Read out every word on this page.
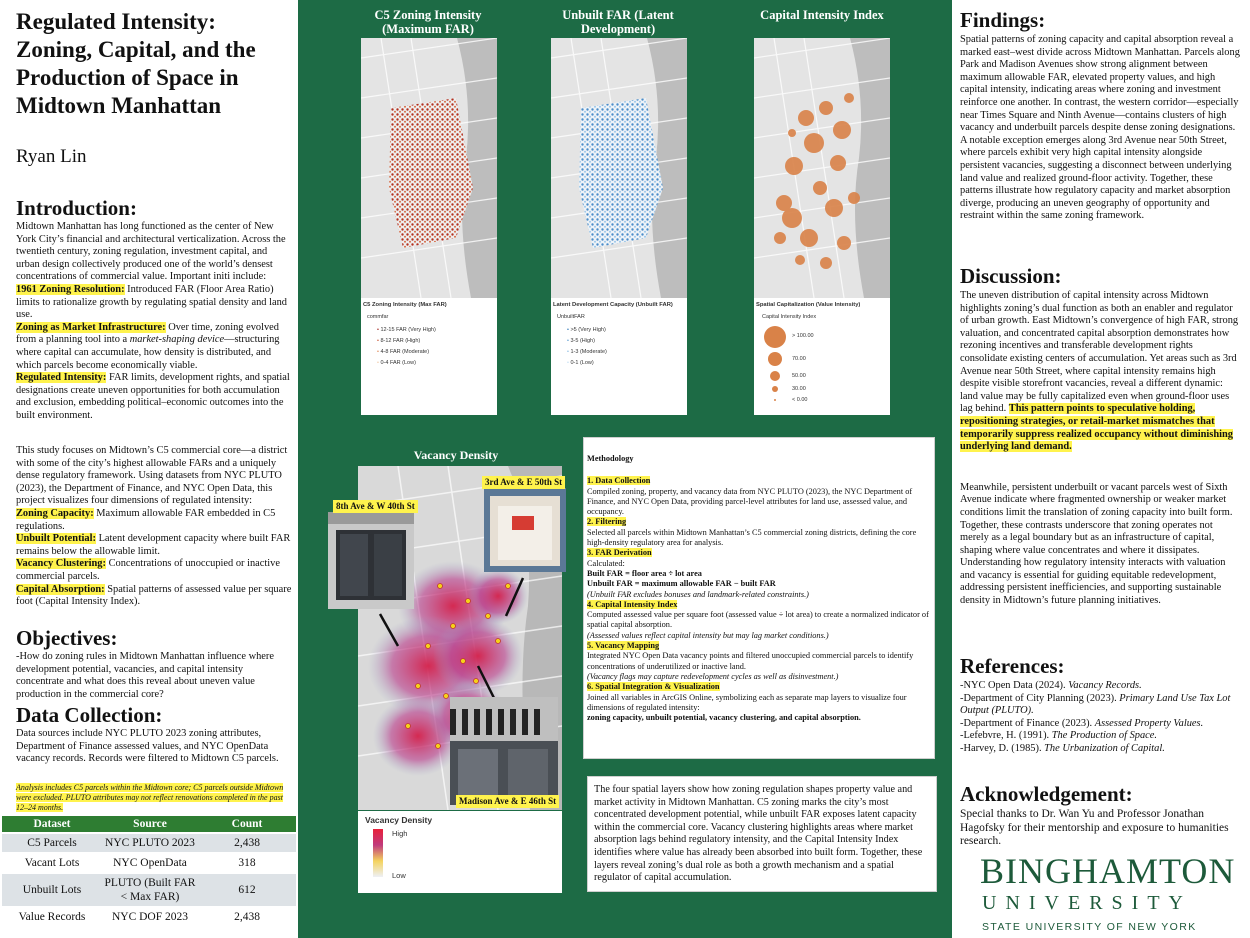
Regulated Intensity: Zoning, Capital, and the Production of Space in Midtown Manhattan
Ryan Lin
Introduction:
Midtown Manhattan has long functioned as the center of New York City’s financial and architectural verticalization. Across the twentieth century, zoning regulation, investment capital, and urban design collectively produced one of the world’s densest concentrations of commercial value. Important initi include:
1961 Zoning Resolution: Introduced FAR (Floor Area Ratio) limits to rationalize growth by regulating spatial density and land use.
Zoning as Market Infrastructure: Over time, zoning evolved from a planning tool into a market-shaping device—structuring where capital can accumulate, how density is distributed, and which parcels become economically viable.
Regulated Intensity: FAR limits, development rights, and spatial designations create uneven opportunities for both accumulation and exclusion, embedding political–economic outcomes into the built environment.
This study focuses on Midtown’s C5 commercial core—a district with some of the city’s highest allowable FARs and a uniquely dense regulatory framework. Using datasets from NYC PLUTO (2023), the Department of Finance, and NYC Open Data, this project visualizes four dimensions of regulated intensity:
Zoning Capacity: Maximum allowable FAR embedded in C5 regulations.
Unbuilt Potential: Latent development capacity where built FAR remains below the allowable limit.
Vacancy Clustering: Concentrations of unoccupied or inactive commercial parcels.
Capital Absorption: Spatial patterns of assessed value per square foot (Capital Intensity Index).
Objectives:
-How do zoning rules in Midtown Manhattan influence where development potential, vacancies, and capital intensity concentrate and what does this reveal about uneven value production in the commercial core?
Data Collection:
Data sources include NYC PLUTO 2023 zoning attributes, Department of Finance assessed values, and NYC OpenData vacancy records. Records were filtered to Midtown C5 parcels.
Analysis includes C5 parcels within the Midtown core; C5 parcels outside Midtown were excluded. PLUTO attributes may not reflect renovations completed in the past 12–24 months.
Dataset	Source	Count
C5 Parcels	NYC PLUTO 2023	2,438
Vacant Lots	NYC OpenData	318
Unbuilt Lots	PLUTO (Built FAR < Max FAR)	612
Value Records	NYC DOF 2023	2,438
C5 Zoning Intensity (Maximum FAR)
C5 Zoning Intensity (Max FAR)
commfar
• 12-15 FAR (Very High)
• 8-12 FAR (High)
• 4-8 FAR (Moderate)
• 0-4 FAR (Low)
Unbuilt FAR (Latent Development)
Latent Development Capacity (Unbuilt FAR)
UnbuiltFAR
• >5 (Very High)
• 3-5 (High)
• 1-3 (Moderate)
• 0-1 (Low)
Capital Intensity Index
Spatial Capitalization (Value Intensity)
Capital Intensity Index
> 100.00
70.00
50.00
30.00
< 0.00
Vacancy Density
8th Ave & W 40th St
3rd Ave & E 50th St
Madison Ave & E 46th St
Vacancy Density
High
Low

Methodology

1. Data Collection

Compiled zoning, property, and vacancy data from NYC PLUTO (2023), the NYC Department of Finance, and NYC Open Data, providing parcel-level attributes for land use, assessed value, and occupancy.

2. Filtering

Selected all parcels within Midtown Manhattan’s C5 commercial zoning districts, defining the core high-density regulatory area for analysis.

3. FAR Derivation

Calculated:

Built FAR = floor area ÷ lot area

Unbuilt FAR = maximum allowable FAR − built FAR

(Unbuilt FAR excludes bonuses and landmark-related constraints.)

4. Capital Intensity Index

Computed assessed value per square foot (assessed value ÷ lot area) to create a normalized indicator of spatial capital absorption.

(Assessed values reflect capital intensity but may lag market conditions.)

5. Vacancy Mapping

Integrated NYC Open Data vacancy points and filtered unoccupied commercial parcels to identify concentrations of underutilized or inactive land.

(Vacancy flags may capture redevelopment cycles as well as disinvestment.)

6. Spatial Integration & Visualization

Joined all variables in ArcGIS Online, symbolizing each as separate map layers to visualize four dimensions of regulated intensity:

zoning capacity, unbuilt potential, vacancy clustering, and capital absorption.

The four spatial layers show how zoning regulation shapes property value and market activity in Midtown Manhattan. C5 zoning marks the city’s most concentrated development potential, while unbuilt FAR exposes latent capacity within the commercial core. Vacancy clustering highlights areas where market absorption lags behind regulatory intensity, and the Capital Intensity Index identifies where value has already been absorbed into built form. Together, these layers reveal zoning’s dual role as both a growth mechanism and a spatial regulator of capital accumulation.
Findings:
Spatial patterns of zoning capacity and capital absorption reveal a marked east–west divide across Midtown Manhattan. Parcels along Park and Madison Avenues show strong alignment between maximum allowable FAR, elevated property values, and high capital intensity, indicating areas where zoning and investment reinforce one another. In contrast, the western corridor—especially near Times Square and Ninth Avenue—contains clusters of high vacancy and underbuilt parcels despite dense zoning designations. A notable exception emerges along 3rd Avenue near 50th Street, where parcels exhibit very high capital intensity alongside persistent vacancies, suggesting a disconnect between underlying land value and realized ground-floor activity. Together, these patterns illustrate how regulatory capacity and market absorption diverge, producing an uneven geography of opportunity and restraint within the same zoning framework.
Discussion:
The uneven distribution of capital intensity across Midtown highlights zoning’s dual function as both an enabler and regulator of urban growth. East Midtown’s convergence of high FAR, strong valuation, and concentrated capital absorption demonstrates how rezoning incentives and transferable development rights consolidate existing centers of accumulation. Yet areas such as 3rd Avenue near 50th Street, where capital intensity remains high despite visible storefront vacancies, reveal a different dynamic: land value may be fully capitalized even when ground-floor uses lag behind. This pattern points to speculative holding, repositioning strategies, or retail-market mismatches that temporarily suppress realized occupancy without diminishing underlying land demand.
Meanwhile, persistent underbuilt or vacant parcels west of Sixth Avenue indicate where fragmented ownership or weaker market conditions limit the translation of zoning capacity into built form. Together, these contrasts underscore that zoning operates not merely as a legal boundary but as an infrastructure of capital, shaping where value concentrates and where it dissipates. Understanding how regulatory intensity interacts with valuation and vacancy is essential for guiding equitable redevelopment, addressing persistent inefficiencies, and supporting sustainable density in Midtown’s future planning initiatives.
References:
-NYC Open Data (2024). Vacancy Records.
-Department of City Planning (2023). Primary Land Use Tax Lot Output (PLUTO).
-Department of Finance (2023). Assessed Property Values.
-Lefebvre, H. (1991). The Production of Space.
-Harvey, D. (1985). The Urbanization of Capital.
Acknowledgement:
Special thanks to Dr. Wan Yu and Professor Jonathan Hagofsky for their mentorship and exposure to humanities research.
BINGHAMTON
UNIVERSITY
STATE UNIVERSITY OF NEW YORK
